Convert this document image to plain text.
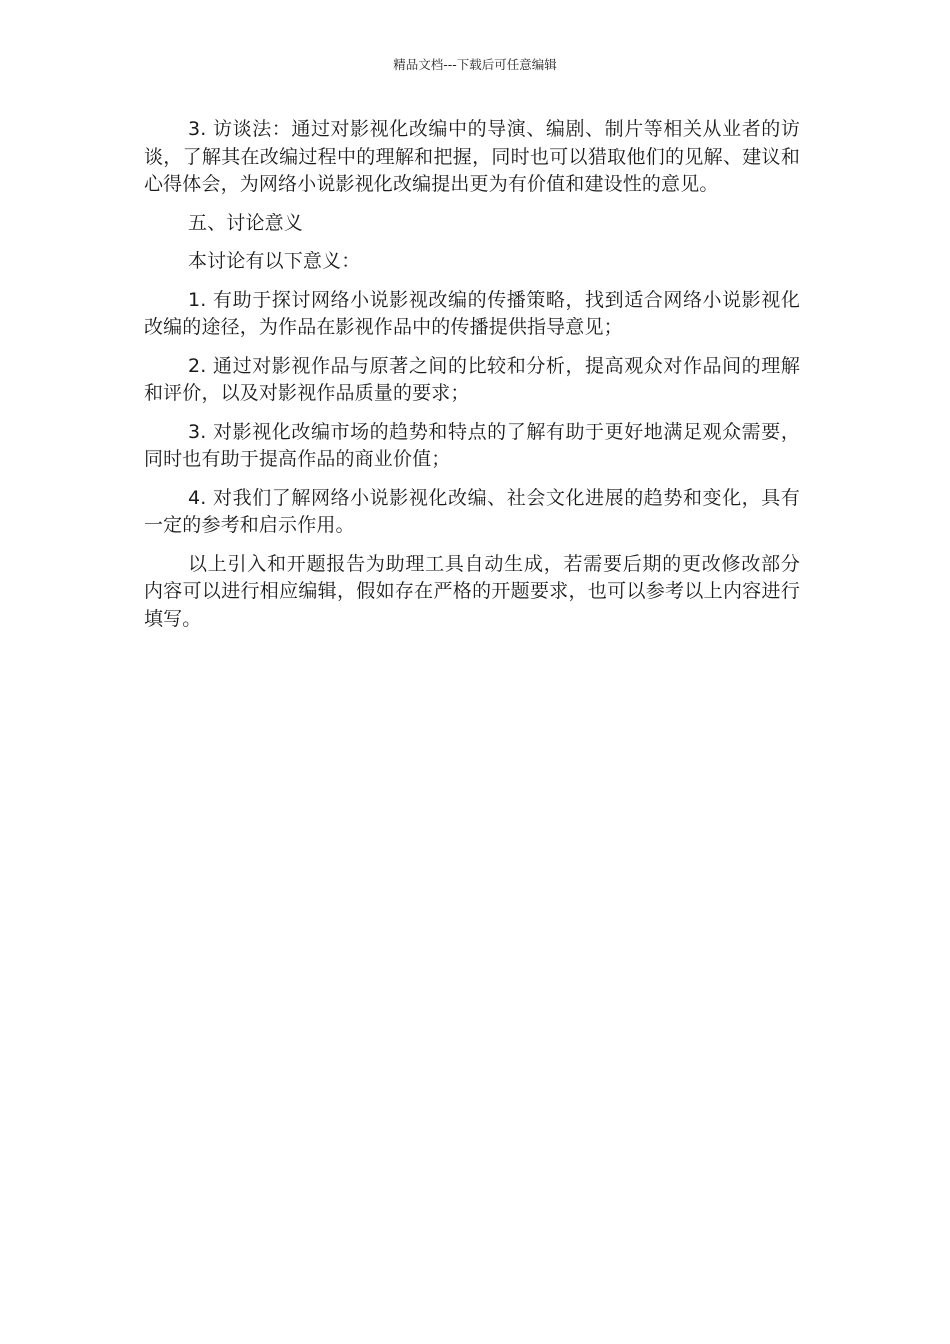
精品文档---下载后可任意编辑

3. 访谈法：通过对影视化改编中的导演、编剧、制片等相关从业者的访谈，了解其在改编过程中的理解和把握，同时也可以猎取他们的见解、建议和心得体会，为网络小说影视化改编提出更为有价值和建设性的意见。

五、讨论意义

本讨论有以下意义：

1. 有助于探讨网络小说影视改编的传播策略，找到适合网络小说影视化改编的途径，为作品在影视作品中的传播提供指导意见；

2. 通过对影视作品与原著之间的比较和分析，提高观众对作品间的理解和评价，以及对影视作品质量的要求；

3. 对影视化改编市场的趋势和特点的了解有助于更好地满足观众需要，同时也有助于提高作品的商业价值；

4. 对我们了解网络小说影视化改编、社会文化进展的趋势和变化，具有一定的参考和启示作用。

以上引入和开题报告为助理工具自动生成，若需要后期的更改修改部分内容可以进行相应编辑，假如存在严格的开题要求，也可以参考以上内容进行填写。
